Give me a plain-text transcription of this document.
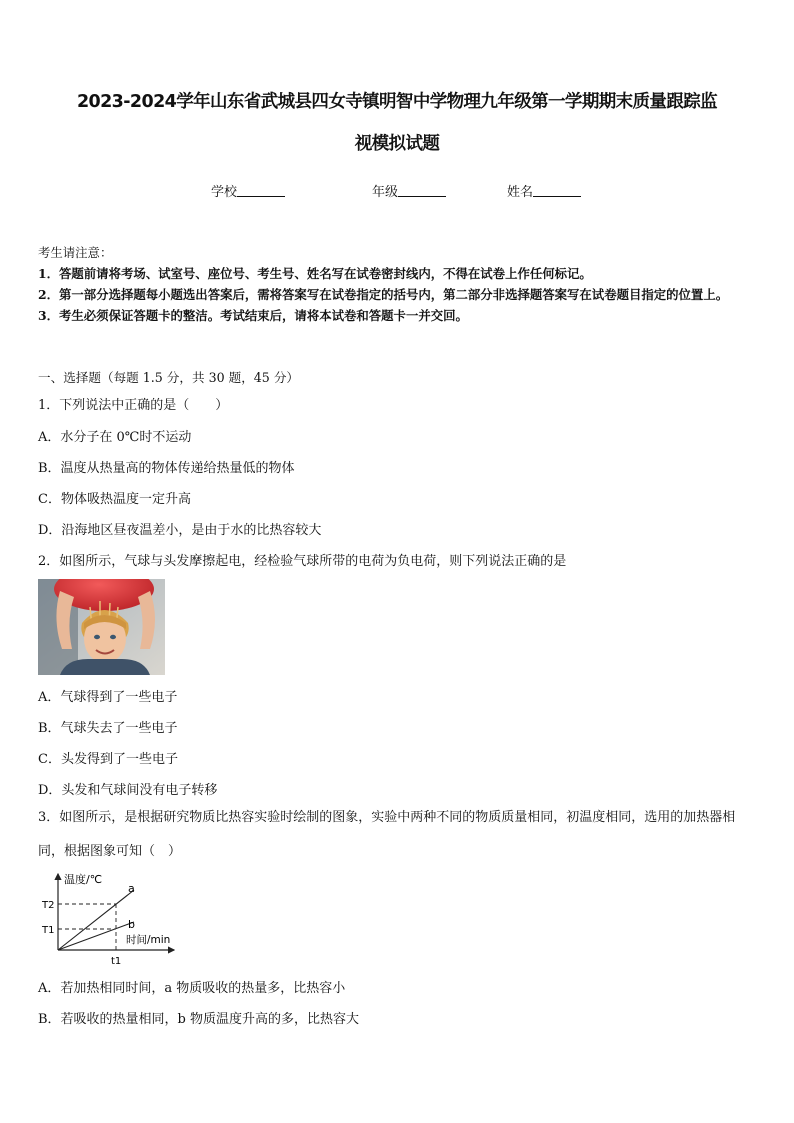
2023-2024学年山东省武城县四女寺镇明智中学物理九年级第一学期期末质量跟踪监
视模拟试题
学校	年级	姓名
考生请注意：
1．答题前请将考场、试室号、座位号、考生号、姓名写在试卷密封线内，不得在试卷上作任何标记。
2．第一部分选择题每小题选出答案后，需将答案写在试卷指定的括号内，第二部分非选择题答案写在试卷题目指定的位置上。
3．考生必须保证答题卡的整洁。考试结束后，请将本试卷和答题卡一并交回。
一、选择题（每题 1.5 分，共 30 题，45 分）
1．下列说法中正确的是（　　）
A．水分子在 0℃时不运动
B．温度从热量高的物体传递给热量低的物体
C．物体吸热温度一定升高
D．沿海地区昼夜温差小，是由于水的比热容较大
2．如图所示，气球与头发摩擦起电，经检验气球所带的电荷为负电荷，则下列说法正确的是
A．气球得到了一些电子
B．气球失去了一些电子
C．头发得到了一些电子
D．头发和气球间没有电子转移
3．如图所示，是根据研究物质比热容实验时绘制的图象，实验中两种不同的物质质量相同，初温度相同，选用的加热器相同，根据图象可知（　）
温度/℃
a
b
时间/min
T2
T1
t1
A．若加热相同时间，a 物质吸收的热量多，比热容小
B．若吸收的热量相同，b 物质温度升高的多，比热容大
